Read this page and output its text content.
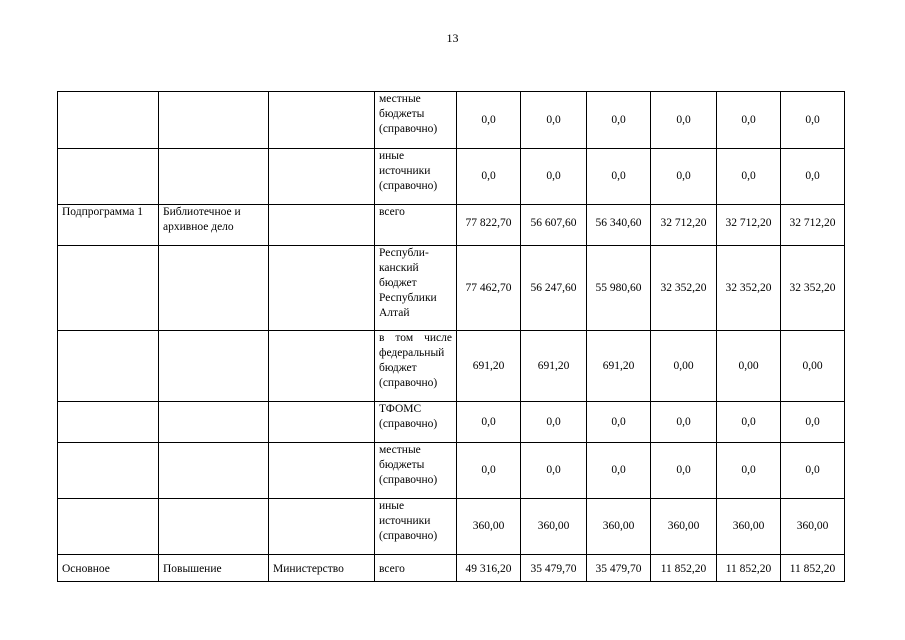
13

			местные
бюджеты
(справочно)	0,0	0,0	0,0	0,0	0,0	0,0

			иные
источники
(справочно)	0,0	0,0	0,0	0,0	0,0	0,0
Подпрограмма 1	Библиотечное и архивное дело		всего	77 822,70	56 607,60	56 340,60	32 712,20	32 712,20	32 712,20

			Республи-
канский
бюджет
Республики
Алтай	77 462,70	56 247,60	55 980,60	32 352,20	32 352,20	32 352,20
			в том числе федеральный бюджет (справочно)	691,20	691,20	691,20	0,00	0,00	0,00

			ТФОМС
(справочно)	0,0	0,0	0,0	0,0	0,0	0,0

			местные
бюджеты
(справочно)	0,0	0,0	0,0	0,0	0,0	0,0

			иные
источники
(справочно)	360,00	360,00	360,00	360,00	360,00	360,00
Основное	Повышение	Министерство	всего	49 316,20	35 479,70	35 479,70	11 852,20	11 852,20	11 852,20
